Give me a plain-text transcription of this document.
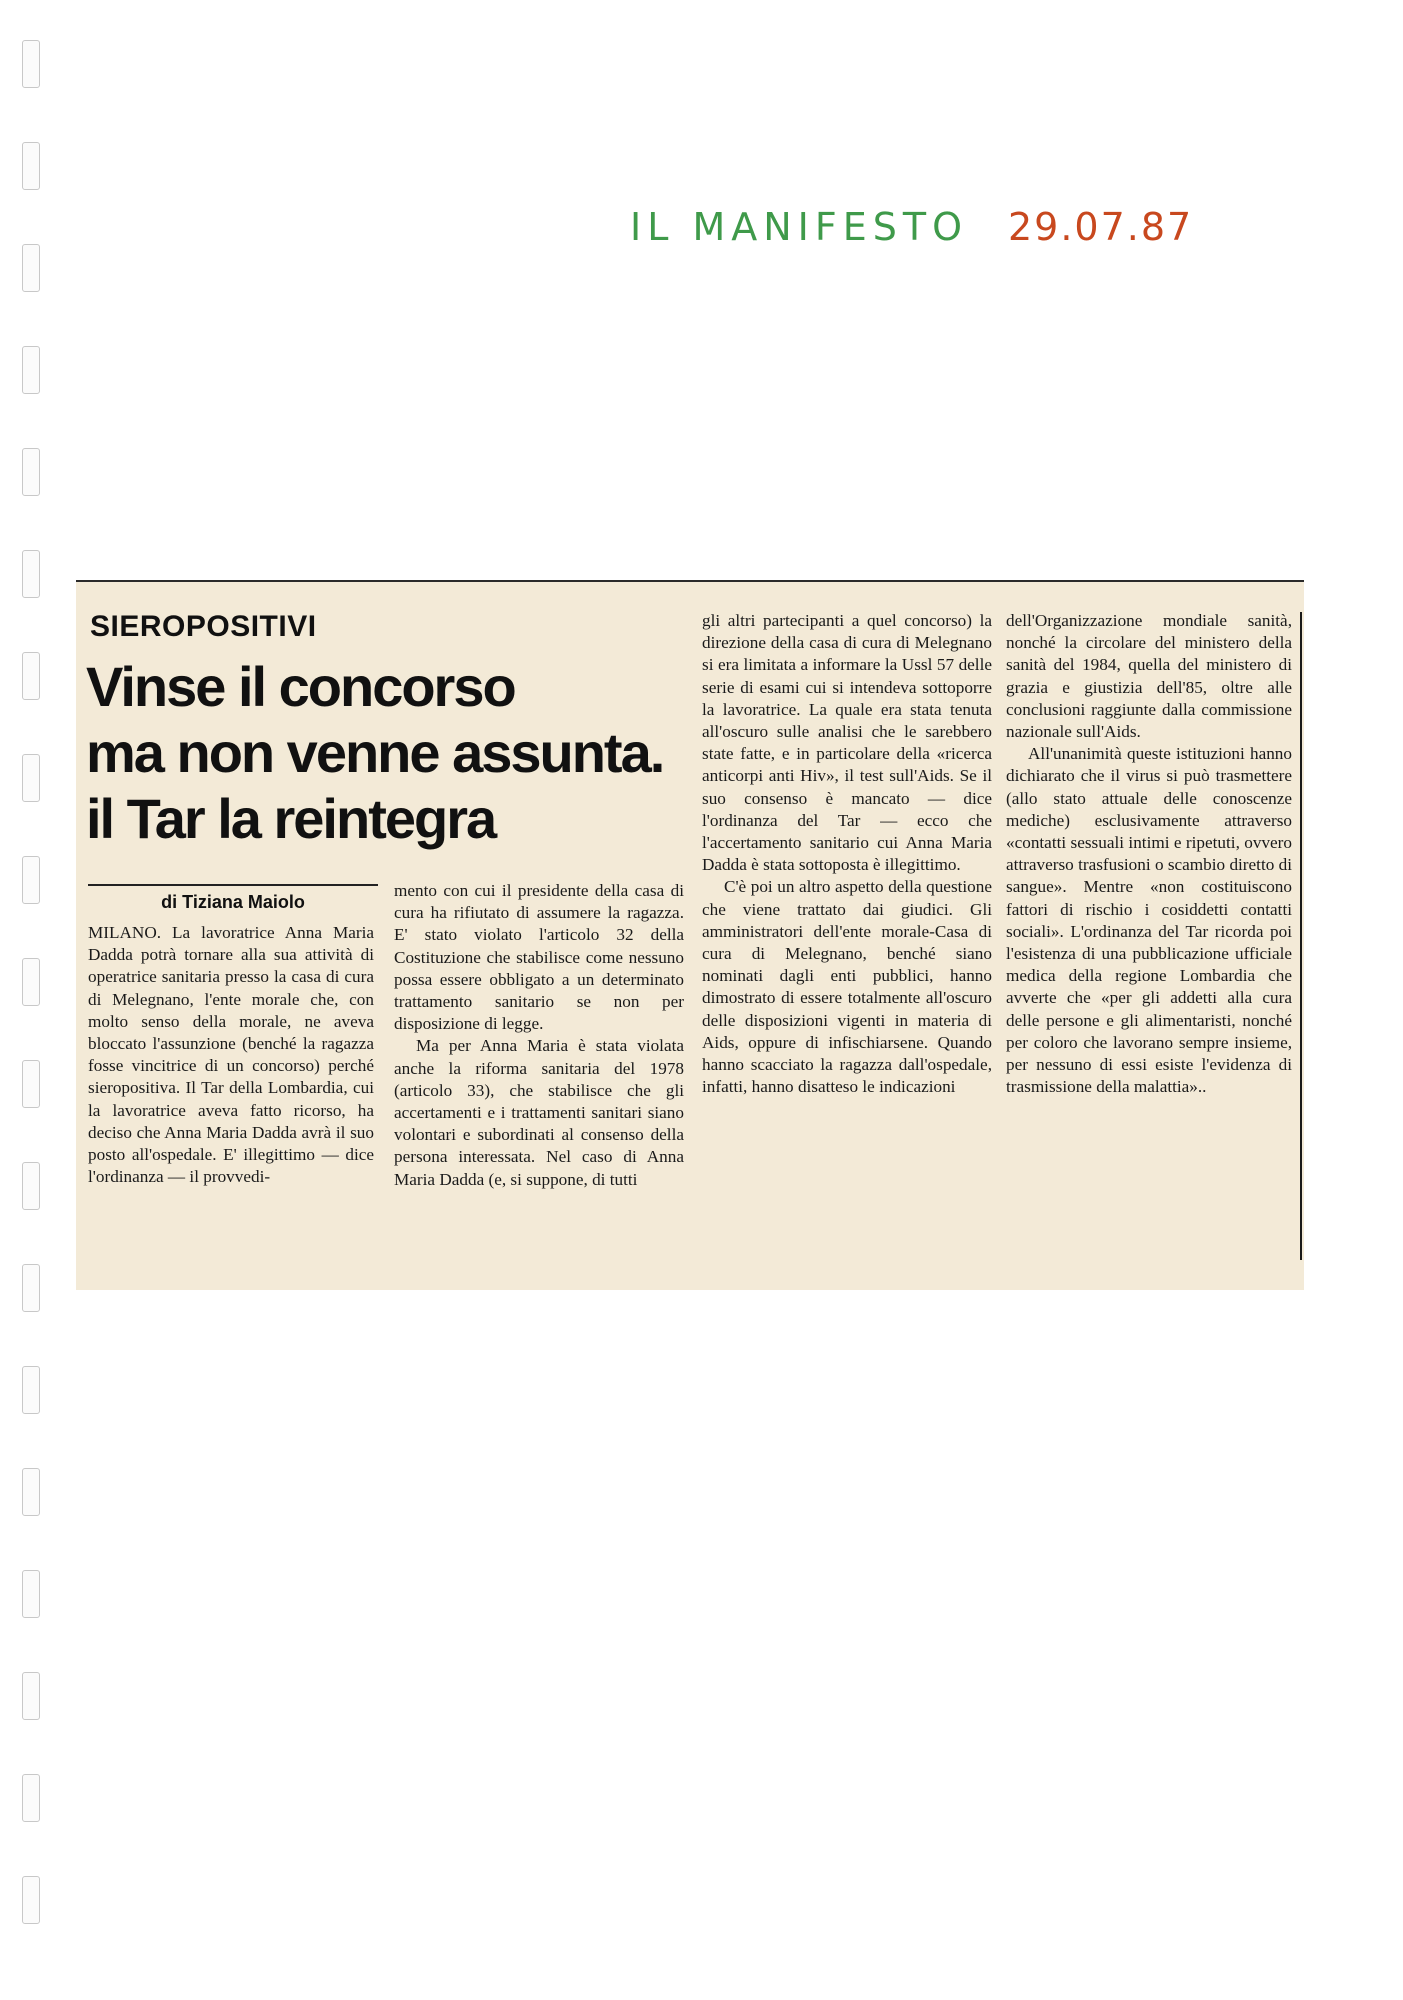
IL MANIFESTO 29.07.87
SIEROPOSITIVI
Vinse il concorso
ma non venne assunta.
il Tar la reintegra
di Tiziana Maiolo

MILANO. La lavoratrice Anna Maria Dadda potrà tornare alla sua attività di operatrice sanitaria presso la casa di cura di Melegnano, l'ente morale che, con molto senso della morale, ne aveva bloccato l'assunzione (benché la ragazza fosse vincitrice di un concorso) perché sieropositiva. Il Tar della Lombardia, cui la lavoratrice aveva fatto ricorso, ha deciso che Anna Maria Dadda avrà il suo posto all'ospedale. E' illegittimo — dice l'ordinanza — il provvedi-

mento con cui il presidente della casa di cura ha rifiutato di assumere la ragazza. E' stato violato l'articolo 32 della Costituzione che stabilisce come nessuno possa essere obbligato a un determinato trattamento sanitario se non per disposizione di legge.

Ma per Anna Maria è stata violata anche la riforma sanitaria del 1978 (articolo 33), che stabilisce che gli accertamenti e i trattamenti sanitari siano volontari e subordinati al consenso della persona interessata. Nel caso di Anna Maria Dadda (e, si suppone, di tutti

gli altri partecipanti a quel concorso) la direzione della casa di cura di Melegnano si era limitata a informare la Ussl 57 delle serie di esami cui si intendeva sottoporre la lavoratrice. La quale era stata tenuta all'oscuro sulle analisi che le sarebbero state fatte, e in particolare della «ricerca anticorpi anti Hiv», il test sull'Aids. Se il suo consenso è mancato — dice l'ordinanza del Tar — ecco che l'accertamento sanitario cui Anna Maria Dadda è stata sottoposta è illegittimo.

C'è poi un altro aspetto della questione che viene trattato dai giudici. Gli amministratori dell'ente morale-Casa di cura di Melegnano, benché siano nominati dagli enti pubblici, hanno dimostrato di essere totalmente all'oscuro delle disposizioni vigenti in materia di Aids, oppure di infischiarsene. Quando hanno scacciato la ragazza dall'ospedale, infatti, hanno disatteso le indicazioni

dell'Organizzazione mondiale sanità, nonché la circolare del ministero della sanità del 1984, quella del ministero di grazia e giustizia dell'85, oltre alle conclusioni raggiunte dalla commissione nazionale sull'Aids.

All'unanimità queste istituzioni hanno dichiarato che il virus si può trasmettere (allo stato attuale delle conoscenze mediche) esclusivamente attraverso «contatti sessuali intimi e ripetuti, ovvero attraverso trasfusioni o scambio diretto di sangue». Mentre «non costituiscono fattori di rischio i cosiddetti contatti sociali». L'ordinanza del Tar ricorda poi l'esistenza di una pubblicazione ufficiale medica della regione Lombardia che avverte che «per gli addetti alla cura delle persone e gli alimentaristi, nonché per coloro che lavorano sempre insieme, per nessuno di essi esiste l'evidenza di trasmissione della malattia»..
